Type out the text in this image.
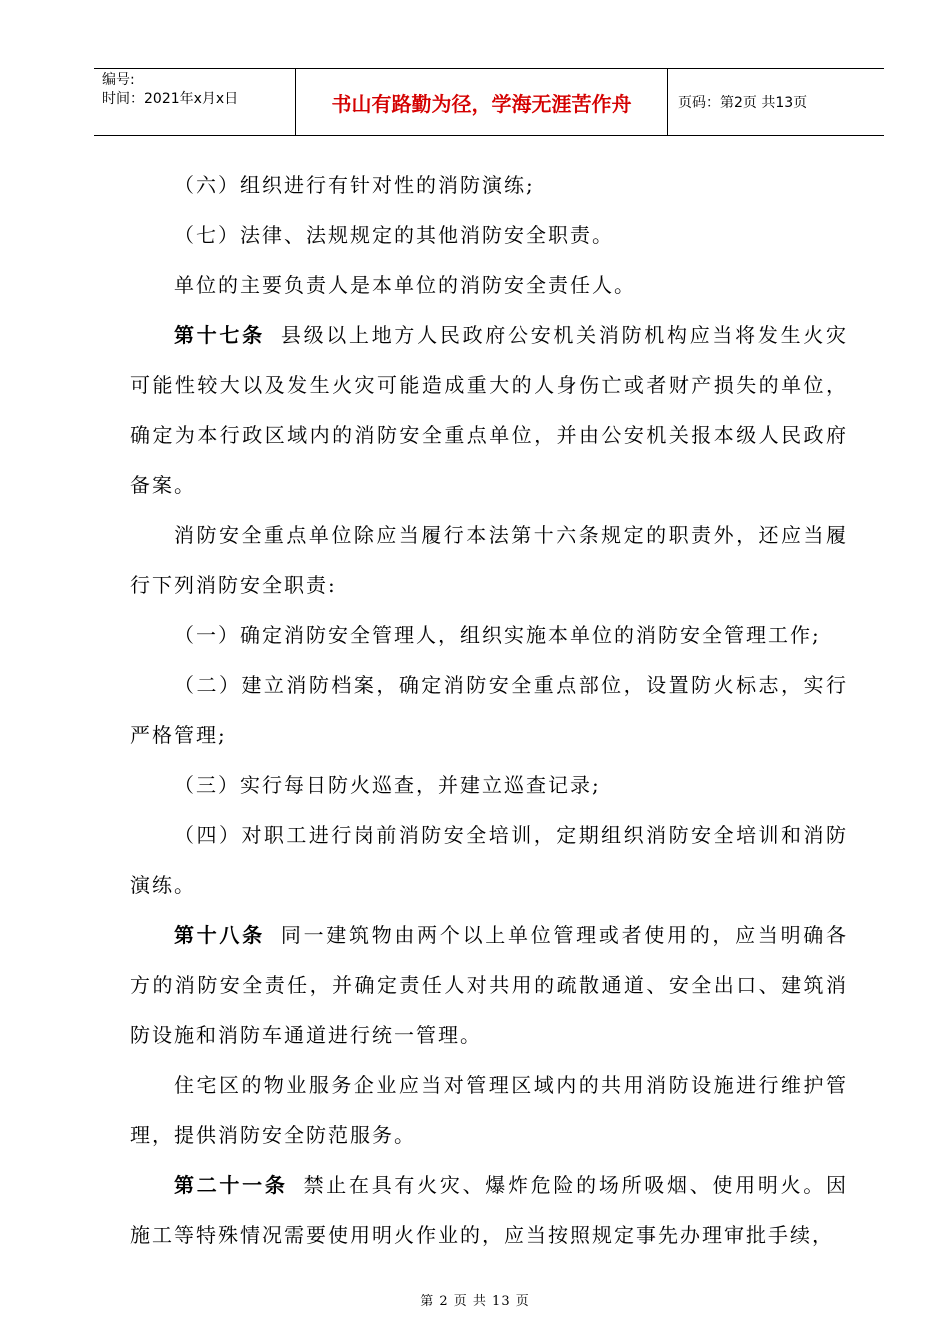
编号:
时间：2021年x月x日	书山有路勤为径，学海无涯苦作舟	页码：第2页 共13页

（六）组织进行有针对性的消防演练;

（七）法律、法规规定的其他消防安全职责。

单位的主要负责人是本单位的消防安全责任人。

第十七条 县级以上地方人民政府公安机关消防机构应当将发生火灾可能性较大以及发生火灾可能造成重大的人身伤亡或者财产损失的单位，确定为本行政区域内的消防安全重点单位，并由公安机关报本级人民政府备案。

消防安全重点单位除应当履行本法第十六条规定的职责外，还应当履行下列消防安全职责:

（一）确定消防安全管理人，组织实施本单位的消防安全管理工作;

（二）建立消防档案，确定消防安全重点部位，设置防火标志，实行严格管理;

（三）实行每日防火巡查，并建立巡查记录;

（四）对职工进行岗前消防安全培训，定期组织消防安全培训和消防演练。

第十八条 同一建筑物由两个以上单位管理或者使用的，应当明确各方的消防安全责任，并确定责任人对共用的疏散通道、安全出口、建筑消防设施和消防车通道进行统一管理。

住宅区的物业服务企业应当对管理区域内的共用消防设施进行维护管理，提供消防安全防范服务。

第二十一条 禁止在具有火灾、爆炸危险的场所吸烟、使用明火。因施工等特殊情况需要使用明火作业的，应当按照规定事先办理审批手续，

第 2 页 共 13 页
